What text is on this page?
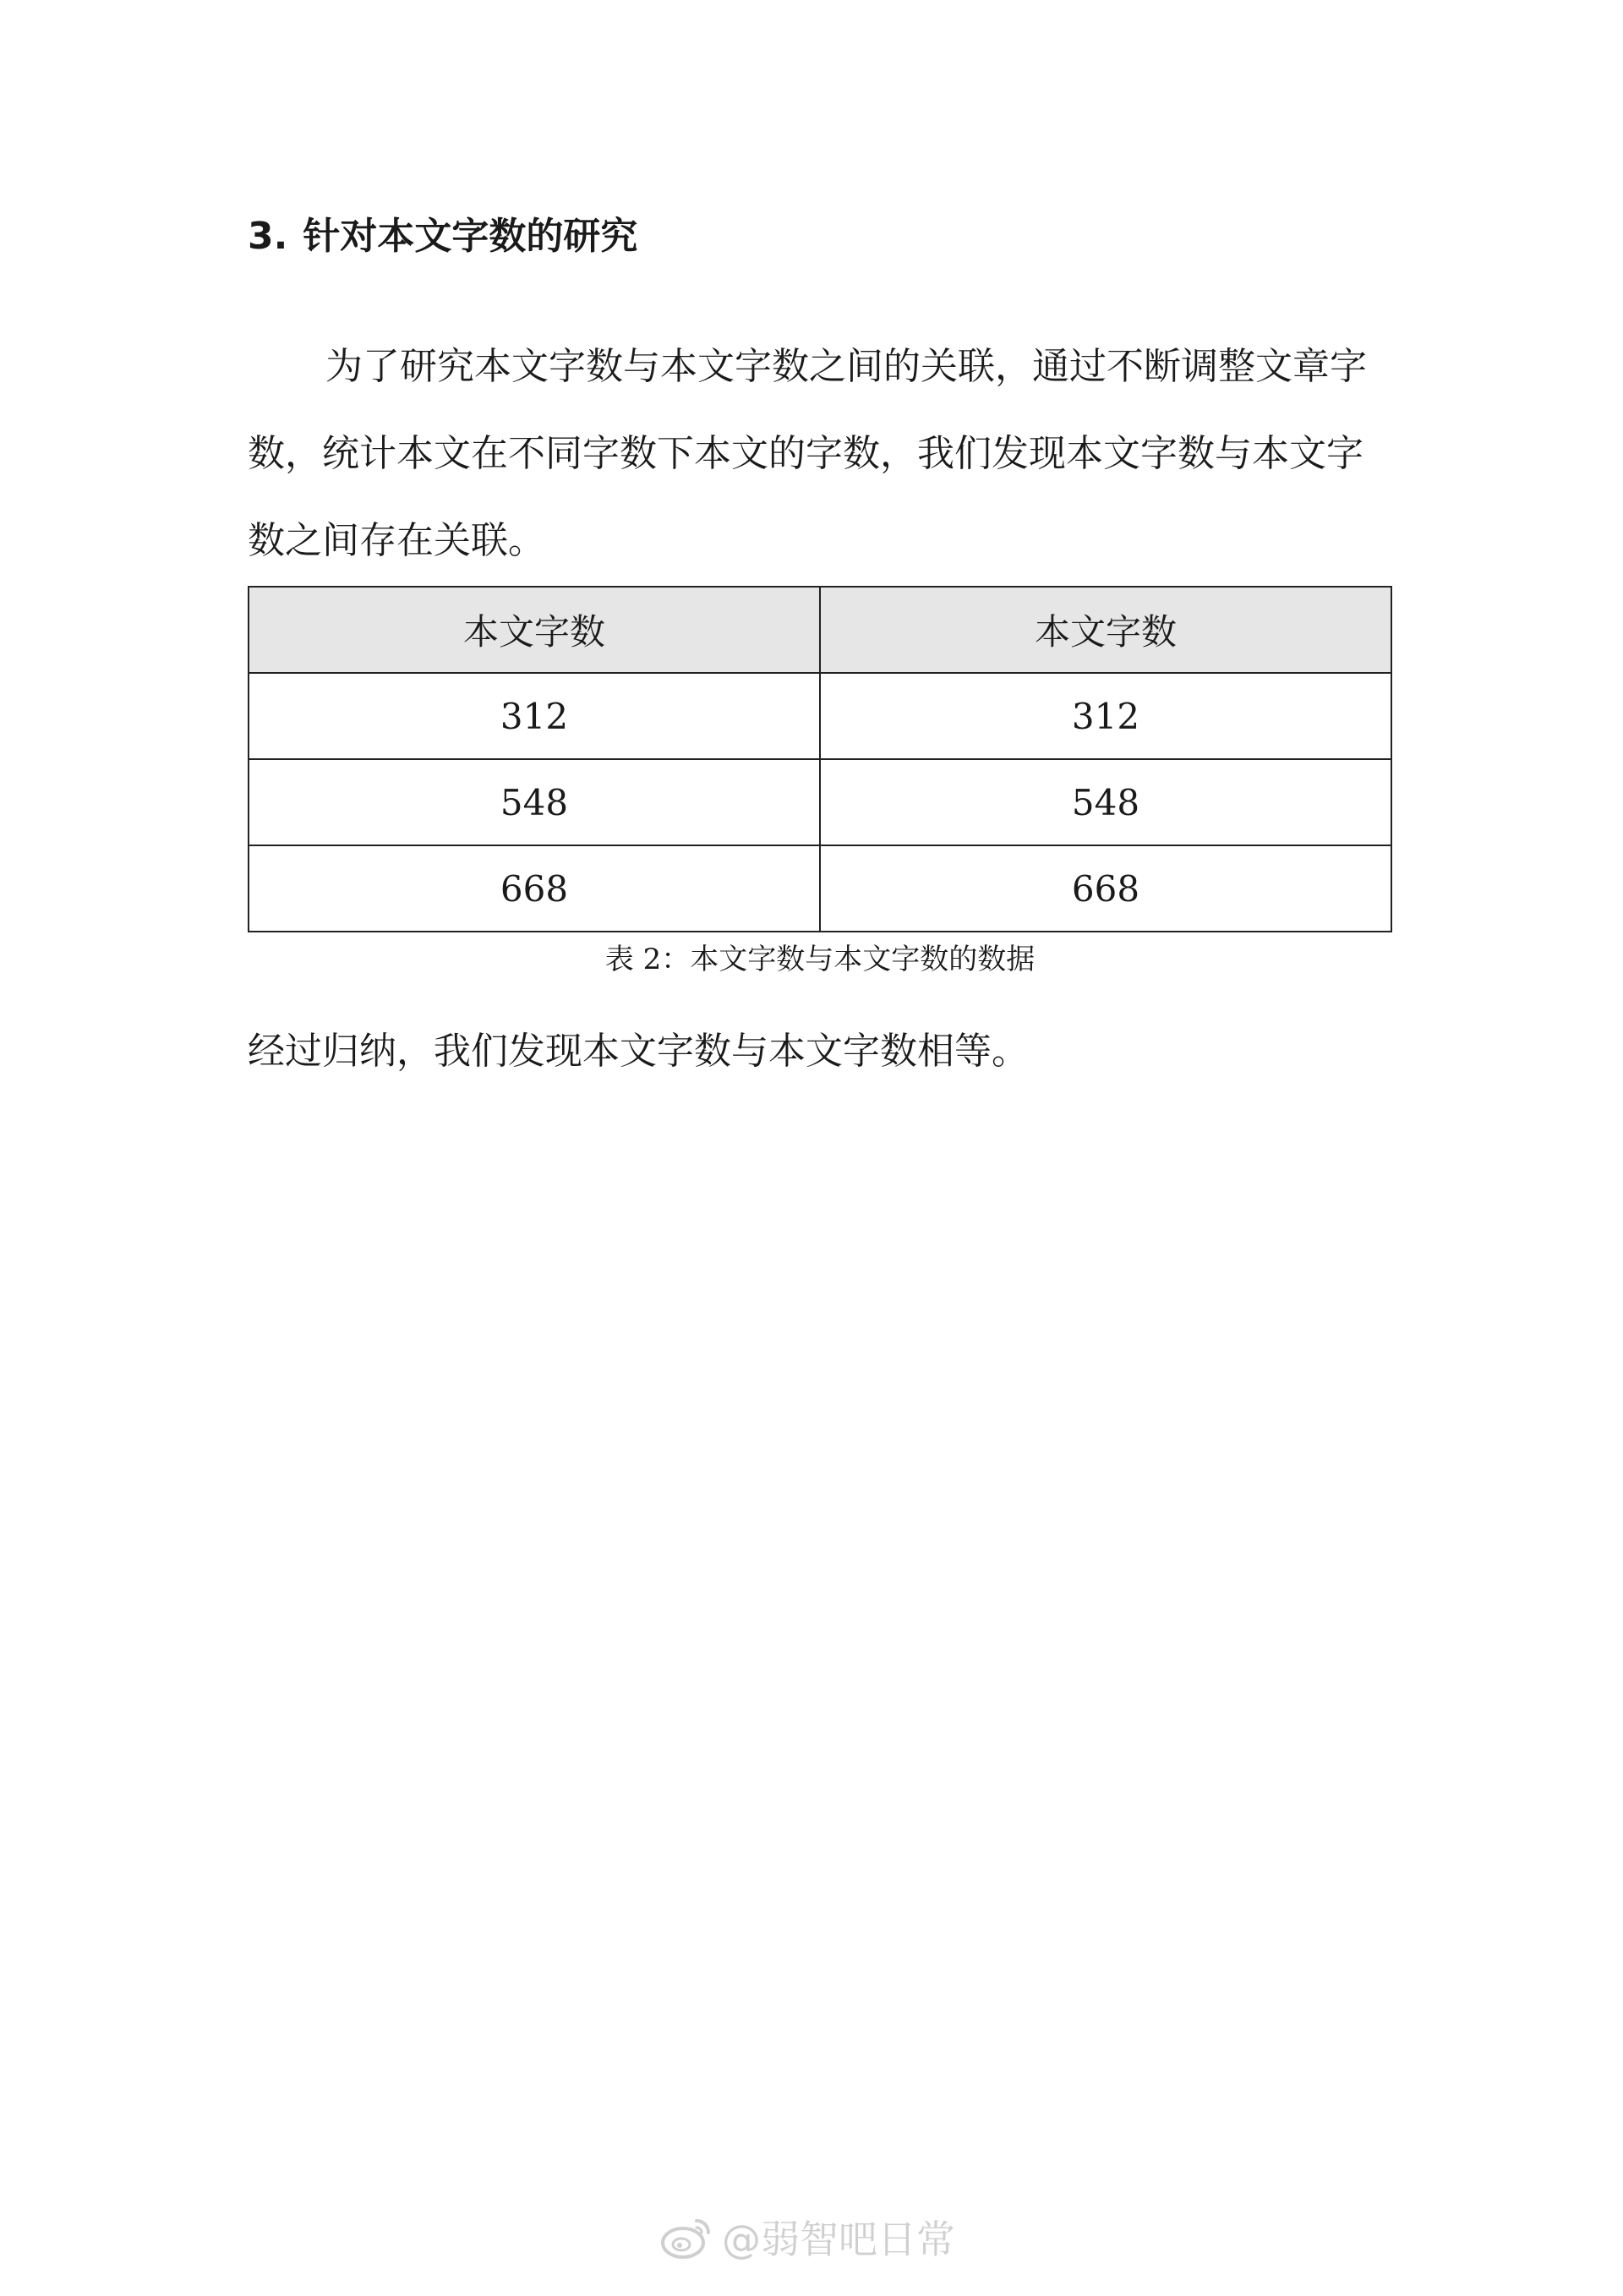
3. 针对本文字数的研究

为了研究本文字数与本文字数之间的关联，通过不断调整文章字数，统计本文在不同字数下本文的字数，我们发现本文字数与本文字数之间存在关联。

本文字数	本文字数
312	312
548	548
668	668
表 2：本文字数与本文字数的数据
经过归纳，我们发现本文字数与本文字数相等。
@弱智吧日常
